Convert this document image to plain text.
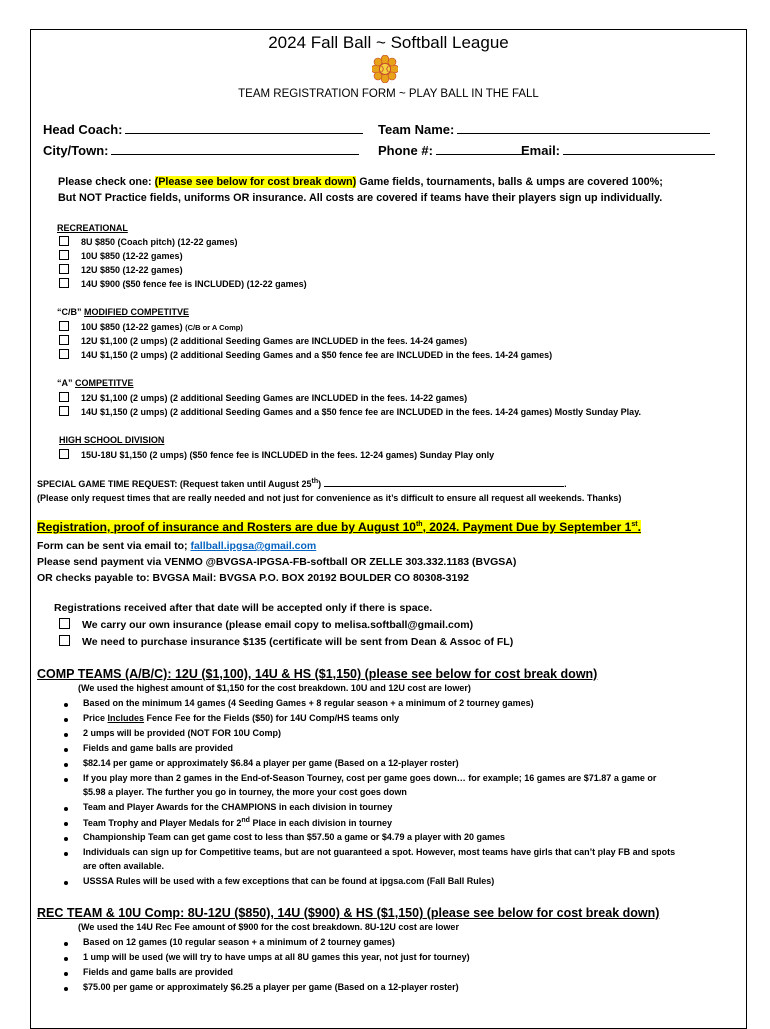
2024 Fall Ball ~ Softball League
TEAM REGISTRATION FORM ~ PLAY BALL IN THE FALL
Head Coach:	Team Name:
City/Town:	Phone #:	Email:
Please check one: (Please see below for cost break down) Game fields, tournaments, balls & umps are covered 100%;
But NOT Practice fields, uniforms OR insurance. All costs are covered if teams have their players sign up individually.
RECREATIONAL
8U $850 (Coach pitch) (12-22 games)
10U $850 (12-22 games)
12U $850 (12-22 games)
14U $900 ($50 fence fee is INCLUDED) (12-22 games)
“C/B” MODIFIED COMPETITVE
10U $850 (12-22 games) (C/B or A Comp)
12U $1,100 (2 umps) (2 additional Seeding Games are INCLUDED in the fees. 14-24 games)
14U $1,150 (2 umps) (2 additional Seeding Games and a $50 fence fee are INCLUDED in the fees. 14-24 games)
“A” COMPETITVE
12U $1,100 (2 umps) (2 additional Seeding Games are INCLUDED in the fees. 14-22 games)
14U $1,150 (2 umps) (2 additional Seeding Games and a $50 fence fee are INCLUDED in the fees. 14-24 games) Mostly Sunday Play.
HIGH SCHOOL DIVISION
15U-18U $1,150 (2 umps) ($50 fence fee is INCLUDED in the fees. 12-24 games) Sunday Play only
SPECIAL GAME TIME REQUEST: (Request taken until August 25th)	.
(Please only request times that are really needed and not just for convenience as it’s difficult to ensure all request all weekends. Thanks)
Registration, proof of insurance and Rosters are due by August 10th, 2024. Payment Due by September 1st.
Form can be sent via email to; fallball.ipgsa@gmail.com
Please send payment via VENMO @BVGSA-IPGSA-FB-softball OR ZELLE 303.332.1183 (BVGSA)
OR checks payable to: BVGSA Mail: BVGSA P.O. BOX 20192 BOULDER CO 80308-3192
Registrations received after that date will be accepted only if there is space.
We carry our own insurance (please email copy to melisa.softball@gmail.com)
We need to purchase insurance $135 (certificate will be sent from Dean & Assoc of FL)
COMP TEAMS (A/B/C): 12U ($1,100), 14U & HS ($1,150) (please see below for cost break down)
(We used the highest amount of $1,150 for the cost breakdown. 10U and 12U cost are lower)
Based on the minimum 14 games (4 Seeding Games + 8 regular season + a minimum of 2 tourney games)
Price Includes Fence Fee for the Fields ($50) for 14U Comp/HS teams only
2 umps will be provided (NOT FOR 10U Comp)
Fields and game balls are provided
$82.14 per game or approximately $6.84 a player per game (Based on a 12-player roster)
If you play more than 2 games in the End-of-Season Tourney, cost per game goes down… for example; 16 games are $71.87 a game or
$5.98 a player. The further you go in tourney, the more your cost goes down
Team and Player Awards for the CHAMPIONS in each division in tourney
Team Trophy and Player Medals for 2nd Place in each division in tourney
Championship Team can get game cost to less than $57.50 a game or $4.79 a player with 20 games
Individuals can sign up for Competitive teams, but are not guaranteed a spot. However, most teams have girls that can’t play FB and spots
are often available.
USSSA Rules will be used with a few exceptions that can be found at ipgsa.com (Fall Ball Rules)
REC TEAM & 10U Comp: 8U-12U ($850), 14U ($900) & HS ($1,150) (please see below for cost break down)
(We used the 14U Rec Fee amount of $900 for the cost breakdown. 8U-12U cost are lower
Based on 12 games (10 regular season + a minimum of 2 tourney games)
1 ump will be used (we will try to have umps at all 8U games this year, not just for tourney)
Fields and game balls are provided
$75.00 per game or approximately $6.25 a player per game (Based on a 12-player roster)
